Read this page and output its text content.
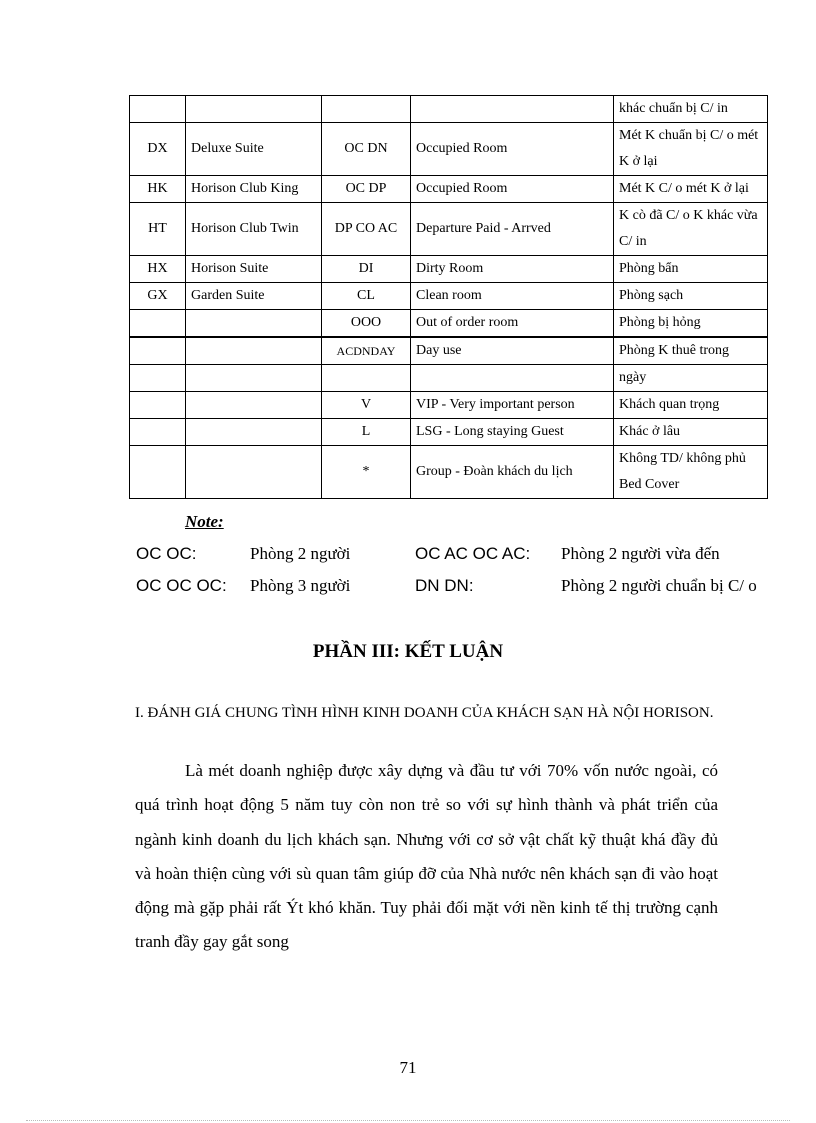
				khác chuẩn bị C/ in
DX	Deluxe Suite	OC DN	Occupied Room	Mét K chuẩn bị C/ o mét K ở lại
HK	Horison Club King	OC DP	Occupied Room	Mét K C/ o mét K ở lại
HT	Horison Club Twin	DP CO AC	Departure Paid - Arrved	K cò đã C/ o K khác vừa C/ in
HX	Horison Suite	DI	Dirty Room	Phòng bẩn
GX	Garden Suite	CL	Clean room	Phòng sạch
		OOO	Out of order room	Phòng bị hỏng
		ACDNDAY	Day use	Phòng K thuê trong
				ngày
		V	VIP - Very important person	Khách quan trọng
		L	LSG - Long staying Guest	Khác ở lâu
		*	Group - Đoàn khách du lịch	Không TD/ không phủ Bed Cover
Note:
OC OC:	Phòng 2 người	OC AC OC AC: Phòng 2 người vừa đến
OC OC OC: Phòng 3 người	DN DN:	Phòng 2 người chuẩn bị C/ o
PHẦN III: KẾT LUẬN
I. ĐÁNH GIÁ CHUNG TÌNH HÌNH KINH DOANH CỦA KHÁCH SẠN HÀ NỘI HORISON.
Là mét doanh nghiệp được xây dựng và đầu tư với 70% vốn nước ngoài, có quá trình hoạt động 5 năm tuy còn non trẻ so với sự hình thành và phát triển của ngành kinh doanh du lịch khách sạn. Nhưng với cơ sở vật chất kỹ thuật khá đầy đủ và hoàn thiện cùng với sù quan tâm giúp đỡ của Nhà nước nên khách sạn đi vào hoạt động mà gặp phải rất Ýt khó khăn. Tuy phải đối mặt với nền kinh tế thị trường cạnh tranh đầy gay gắt song
71
